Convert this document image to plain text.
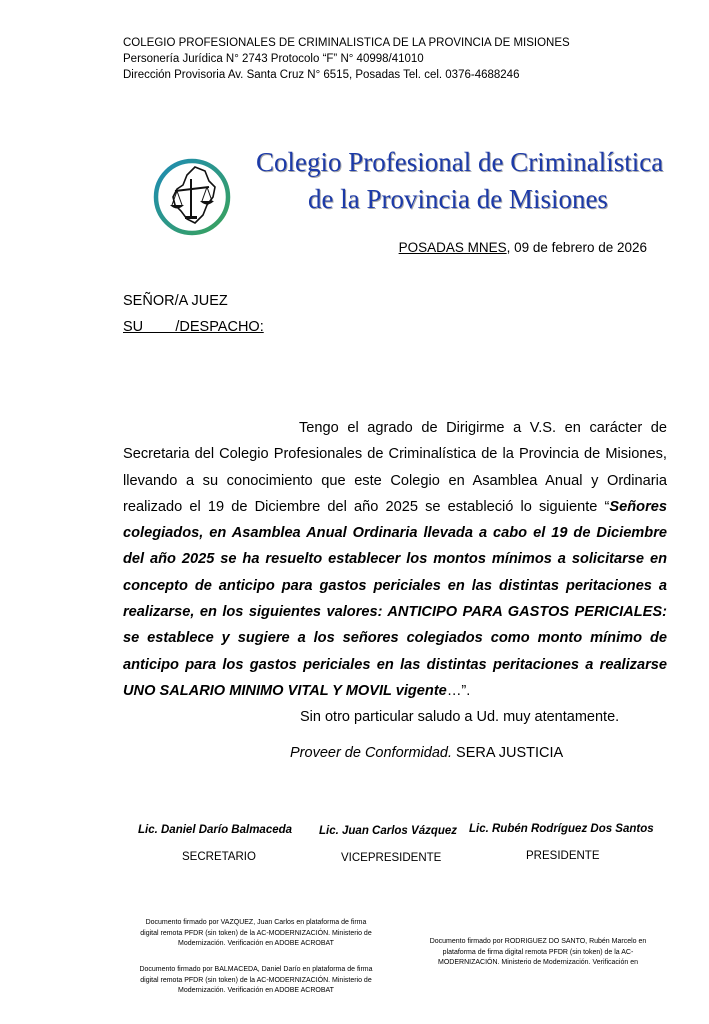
COLEGIO PROFESIONALES DE CRIMINALISTICA DE LA PROVINCIA DE MISIONES
Personería Jurídica N° 2743 Protocolo “F” N° 40998/41010
Dirección Provisoria Av. Santa Cruz N° 6515, Posadas Tel. cel. 0376-4688246
Colegio Profesional de Criminalística
de la Provincia de Misiones
POSADAS MNES, 09 de febrero de 2026
SEÑOR/A JUEZ
SU        /DESPACHO:
Tengo el agrado de Dirigirme a V.S. en carácter de Secretaria del Colegio Profesionales de Criminalística de la Provincia de Misiones, llevando a su conocimiento que este Colegio en Asamblea Anual y Ordinaria realizado el 19 de Diciembre del año 2025 se estableció lo siguiente “Señores colegiados, en Asamblea Anual Ordinaria llevada a cabo el 19 de Diciembre del año 2025 se ha resuelto establecer los montos mínimos a solicitarse en concepto de anticipo para gastos periciales en las distintas peritaciones a realizarse, en los siguientes valores: ANTICIPO PARA GASTOS PERICIALES: se establece y sugiere a los señores colegiados como monto mínimo de anticipo para los gastos periciales en las distintas peritaciones a realizarse UNO SALARIO MINIMO VITAL Y MOVIL vigente…”.
Sin otro particular saludo a Ud. muy atentamente.
Proveer de Conformidad. SERA JUSTICIA
Lic. Daniel Darío Balmaceda
SECRETARIO
Lic. Juan Carlos Vázquez
VICEPRESIDENTE
Lic. Rubén Rodríguez Dos Santos
PRESIDENTE
Documento firmado por VAZQUEZ, Juan Carlos en plataforma de firma digital remota PFDR (sin token) de la AC-MODERNIZACIÓN. Ministerio de Modernización. Verificación en ADOBE ACROBAT
Documento firmado por BALMACEDA, Daniel Darío en plataforma de firma digital remota PFDR (sin token) de la AC-MODERNIZACIÓN. Ministerio de Modernización. Verificación en ADOBE ACROBAT
Documento firmado por RODRIGUEZ DO SANTO, Rubén Marcelo en plataforma de firma digital remota PFDR (sin token) de la AC-MODERNIZACIÓN. Ministerio de Modernización. Verificación en
